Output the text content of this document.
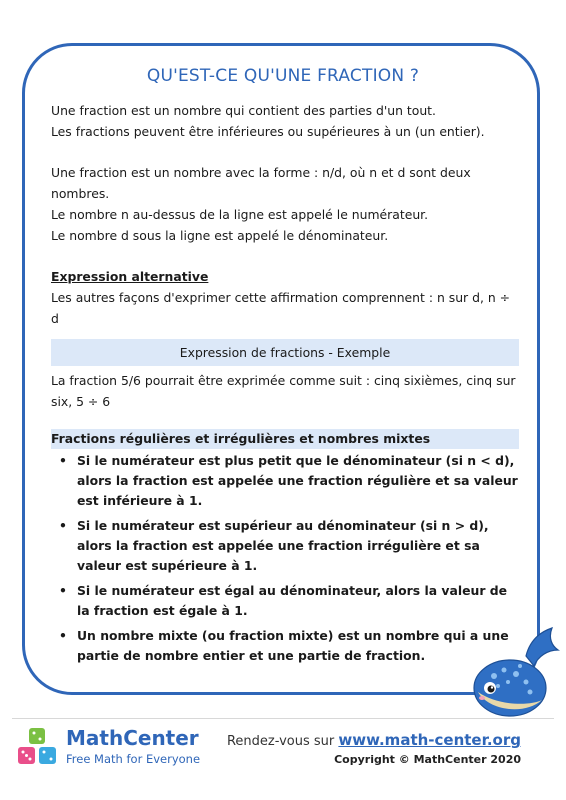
QU'EST-CE QU'UNE FRACTION ?

Une fraction est un nombre qui contient des parties d'un tout.

Les fractions peuvent être inférieures ou supérieures à un (un entier).

Une fraction est un nombre avec la forme : n/d, où n et d sont deux nombres.

Le nombre n au-dessus de la ligne est appelé le numérateur.

Le nombre d sous la ligne est appelé le dénominateur.

Expression alternative

Les autres façons d'exprimer cette affirmation comprennent : n sur d, n ÷ d

Expression de fractions - Exemple

La fraction 5/6 pourrait être exprimée comme suit : cinq sixièmes, cinq sur six, 5 ÷ 6

Fractions régulières et irrégulières et nombres mixtes

• Si le numérateur est plus petit que le dénominateur (si n < d), alors la fraction est appelée une fraction régulière et sa valeur est inférieure à 1.
• Si le numérateur est supérieur au dénominateur (si n > d), alors la fraction est appelée une fraction irrégulière et sa valeur est supérieure à 1.
• Si le numérateur est égal au dénominateur, alors la valeur de la fraction est égale à 1.
• Un nombre mixte (ou fraction mixte) est un nombre qui a une partie de nombre entier et une partie de fraction.
MathCenter
Free Math for Everyone
Rendez-vous sur www.math-center.org
Copyright © MathCenter 2020
